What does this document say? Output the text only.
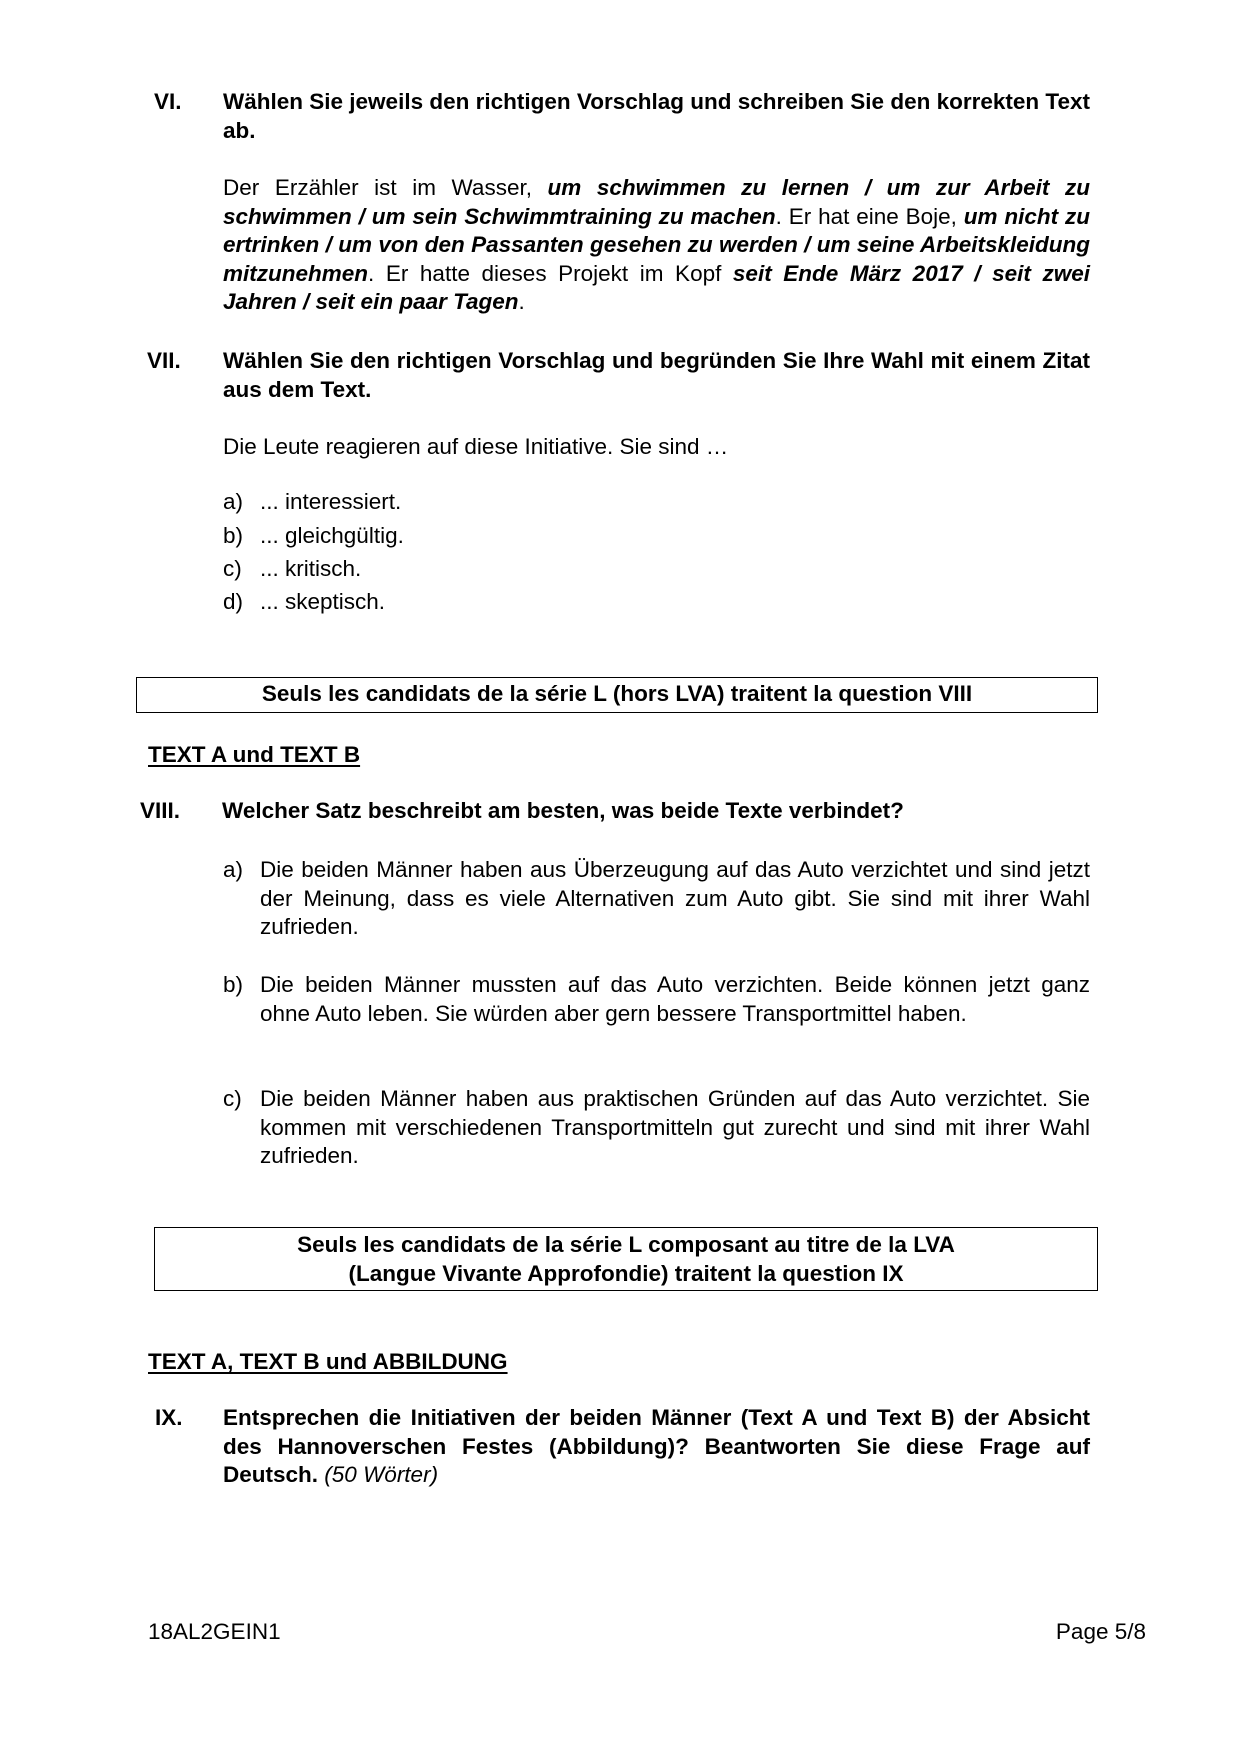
VI. Wählen Sie jeweils den richtigen Vorschlag und schreiben Sie den korrekten Text ab.
Der Erzähler ist im Wasser, um schwimmen zu lernen / um zur Arbeit zu schwimmen / um sein Schwimmtraining zu machen. Er hat eine Boje, um nicht zu ertrinken / um von den Passanten gesehen zu werden / um seine Arbeitskleidung mitzunehmen. Er hatte dieses Projekt im Kopf seit Ende März 2017 / seit zwei Jahren / seit ein paar Tagen.
VII. Wählen Sie den richtigen Vorschlag und begründen Sie Ihre Wahl mit einem Zitat aus dem Text.
Die Leute reagieren auf diese Initiative. Sie sind …
a) ... interessiert.
b) ... gleichgültig.
c) ... kritisch.
d) ... skeptisch.
Seuls les candidats de la série L (hors LVA) traitent la question VIII
TEXT A und TEXT B
VIII. Welcher Satz beschreibt am besten, was beide Texte verbindet?
a) Die beiden Männer haben aus Überzeugung auf das Auto verzichtet und sind jetzt der Meinung, dass es viele Alternativen zum Auto gibt. Sie sind mit ihrer Wahl zufrieden.
b) Die beiden Männer mussten auf das Auto verzichten. Beide können jetzt ganz ohne Auto leben. Sie würden aber gern bessere Transportmittel haben.
c) Die beiden Männer haben aus praktischen Gründen auf das Auto verzichtet. Sie kommen mit verschiedenen Transportmitteln gut zurecht und sind mit ihrer Wahl zufrieden.
Seuls les candidats de la série L composant au titre de la LVA
(Langue Vivante Approfondie) traitent la question IX
TEXT A, TEXT B und ABBILDUNG
IX. Entsprechen die Initiativen der beiden Männer (Text A und Text B) der Absicht des Hannoverschen Festes (Abbildung)? Beantworten Sie diese Frage auf Deutsch. (50 Wörter)
18AL2GEIN1	Page 5/8
